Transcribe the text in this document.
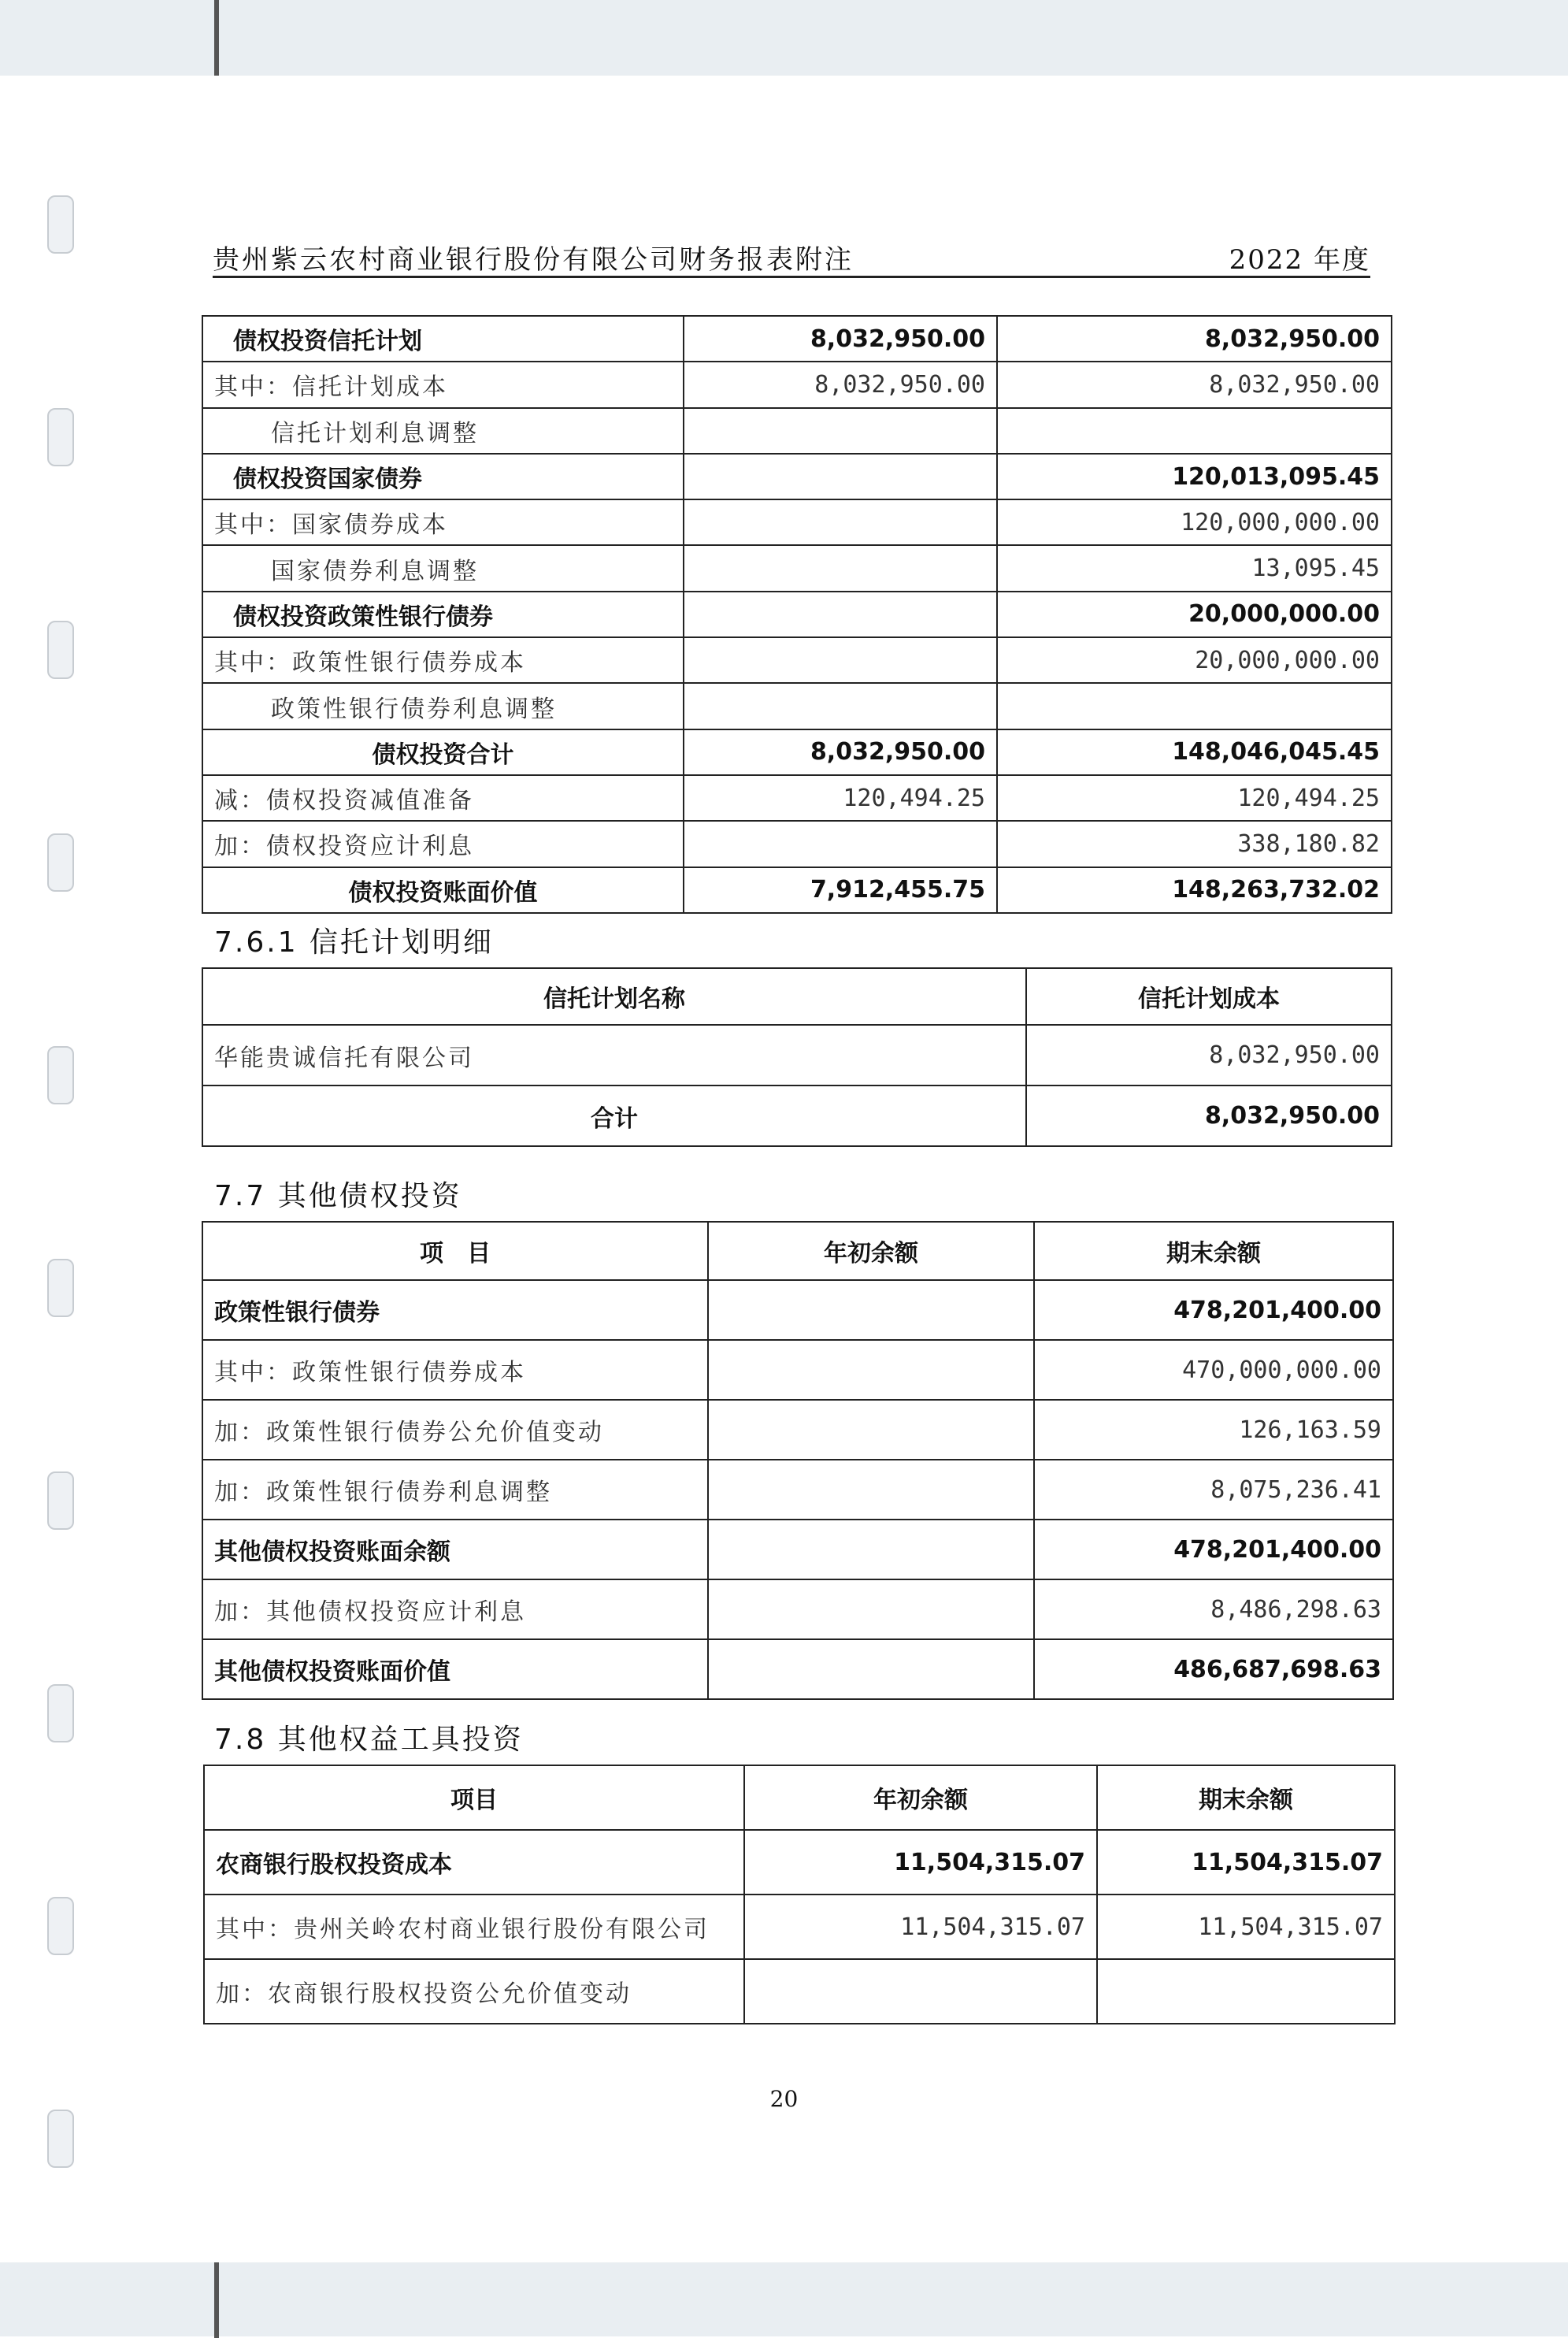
贵州紫云农村商业银行股份有限公司财务报表附注	2022 年度
债权投资信托计划	8,032,950.00	8,032,950.00
其中：信托计划成本	8,032,950.00	8,032,950.00
信托计划利息调整		
债权投资国家债券		120,013,095.45
其中：国家债券成本		120,000,000.00
国家债券利息调整		13,095.45
债权投资政策性银行债券		20,000,000.00
其中：政策性银行债券成本		20,000,000.00
政策性银行债券利息调整		
债权投资合计	8,032,950.00	148,046,045.45
减：债权投资减值准备	120,494.25	120,494.25
加：债权投资应计利息		338,180.82
债权投资账面价值	7,912,455.75	148,263,732.02
7.6.1 信托计划明细
信托计划名称	信托计划成本
华能贵诚信托有限公司	8,032,950.00
合计	8,032,950.00
7.7 其他债权投资
项　目	年初余额	期末余额
政策性银行债券		478,201,400.00
其中：政策性银行债券成本		470,000,000.00
加：政策性银行债券公允价值变动		126,163.59
加：政策性银行债券利息调整		8,075,236.41
其他债权投资账面余额		478,201,400.00
加：其他债权投资应计利息		8,486,298.63
其他债权投资账面价值		486,687,698.63
7.8 其他权益工具投资
项目	年初余额	期末余额
农商银行股权投资成本	11,504,315.07	11,504,315.07
其中：贵州关岭农村商业银行股份有限公司	11,504,315.07	11,504,315.07
加：农商银行股权投资公允价值变动		
20
